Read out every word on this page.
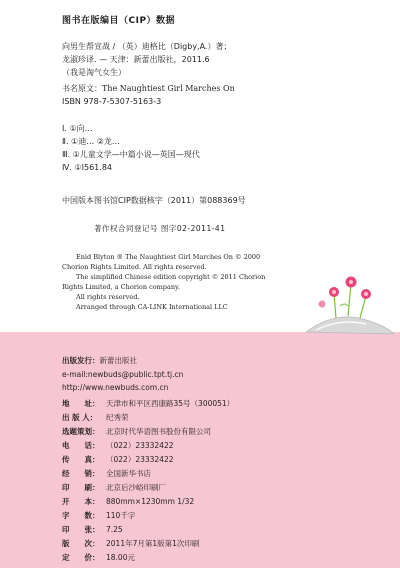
图书在版编目（CIP）数据
向男生帮宣战 / （英）迪格比（Digby,A.）著；
龙淑珍译. — 天津：新蕾出版社，2011.6
（我是淘气女生）
书名原文：The Naughtiest Girl Marches On
ISBN 978-7-5307-5163-3
Ⅰ. ①向…
Ⅱ. ①迪… ②龙…
Ⅲ. ①儿童文学—中篇小说—英国—现代
Ⅳ. ①I561.84
中国版本图书馆CIP数据核字（2011）第088369号
著作权合同登记号 图字02-2011-41
Enid Blyton ® The Naughtiest Girl Marches On © 2000
Chorion Rights Limited. All rights reserved.
The simplified Chinese edition copyright © 2011 Chorion
Rights Limited, a Chorion company.
All rights reserved.
Arranged through CA-LINK International LLC
出版发行：新蕾出版社
e-mail:newbuds@public.tpt.tj.cn
http://www.newbuds.com.cn
地　　址： 天津市和平区西康路35号（300051）
出 版 人： 纪秀荣
选题策划： 北京时代华语图书股份有限公司
电　　话： （022）23332422
传　　真： （022）23332422
经　　销： 全国新华书店
印　　刷： 北京后沙峪印刷厂
开　　本： 880mm×1230mm 1/32
字　　数： 110千字
印　　张： 7.25
版　　次： 2011年7月第1版第1次印刷
定　　价： 18.00元
